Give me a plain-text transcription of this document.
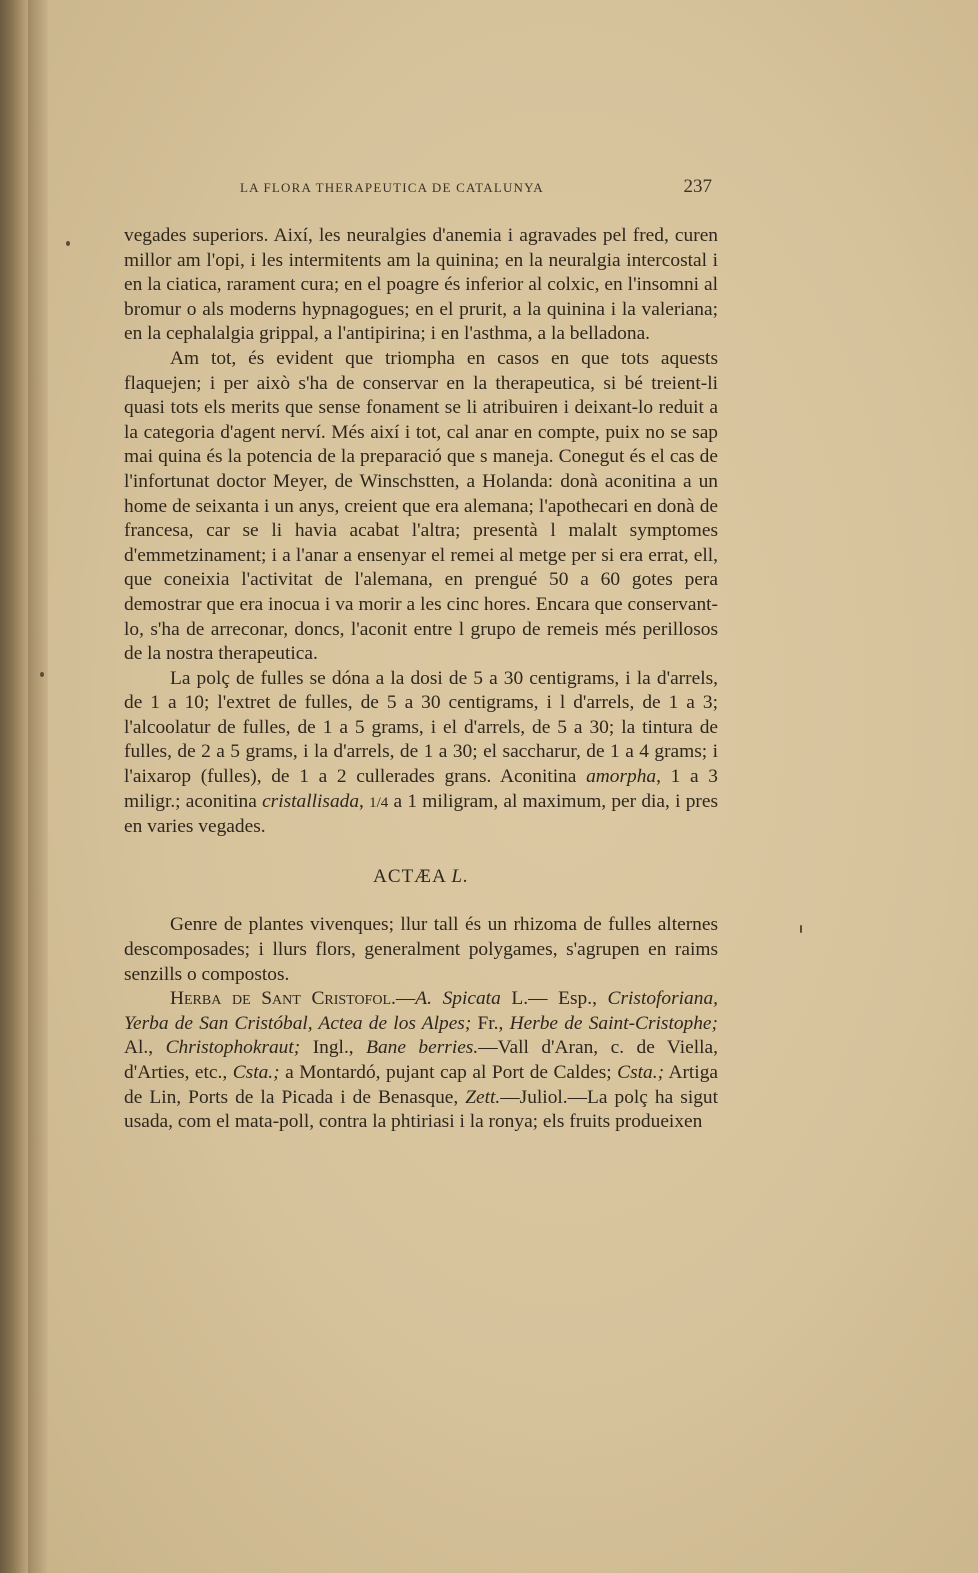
LA FLORA THERAPEUTICA DE CATALUNYA	237

vegades superiors. Així, les neuralgies d'anemia i agravades pel fred, curen millor am l'opi, i les intermitents am la quinina; en la neuralgia intercostal i en la ciatica, rarament cura; en el poagre és inferior al colxic, en l'insomni al bromur o als moderns hypnagogues; en el prurit, a la quinina i la valeriana; en la cephalalgia grippal, a l'antipirina; i en l'asthma, a la belladona.

Am tot, és evident que triompha en casos en que tots aquests flaquejen; i per això s'ha de conservar en la therapeutica, si bé treient-li quasi tots els merits que sense fonament se li atribuiren i deixant-lo reduit a la categoria d'agent nerví. Més així i tot, cal anar en compte, puix no se sap mai quina és la potencia de la preparació que s maneja. Conegut és el cas de l'infortunat doctor Meyer, de Winschstten, a Holanda: donà aconitina a un home de seixanta i un anys, creient que era alemana; l'apothecari en donà de francesa, car se li havia acabat l'altra; presentà l malalt symptomes d'emmetzinament; i a l'anar a ensenyar el remei al metge per si era errat, ell, que coneixia l'activitat de l'alemana, en prengué 50 a 60 gotes pera demostrar que era inocua i va morir a les cinc hores. Encara que conservant-lo, s'ha de arreconar, doncs, l'aconit entre l grupo de remeis més perillosos de la nostra therapeutica.

La polç de fulles se dóna a la dosi de 5 a 30 centigrams, i la d'arrels, de 1 a 10; l'extret de fulles, de 5 a 30 centigrams, i l d'arrels, de 1 a 3; l'alcoolatur de fulles, de 1 a 5 grams, i el d'arrels, de 5 a 30; la tintura de fulles, de 2 a 5 grams, i la d'arrels, de 1 a 30; el saccharur, de 1 a 4 grams; i l'aixarop (fulles), de 1 a 2 cullerades grans. Aconitina amorpha, 1 a 3 miligr.; aconitina cristallisada, 1/4 a 1 miligram, al maximum, per dia, i pres en varies vegades.

ACTÆA L.

Genre de plantes vivenques; llur tall és un rhizoma de fulles alternes descomposades; i llurs flors, generalment polygames, s'agrupen en raims senzills o compostos.

Herba de Sant Cristofol.—A. Spicata L.— Esp., Cristoforiana, Yerba de San Cristóbal, Actea de los Alpes; Fr., Herbe de Saint-Cristophe; Al., Christophokraut; Ingl., Bane berries.—Vall d'Aran, c. de Viella, d'Arties, etc., Csta.; a Montardó, pujant cap al Port de Caldes; Csta.; Artiga de Lin, Ports de la Picada i de Benasque, Zett.—Juliol.—La polç ha sigut usada, com el mata-poll, contra la phtiriasi i la ronya; els fruits produeixen
